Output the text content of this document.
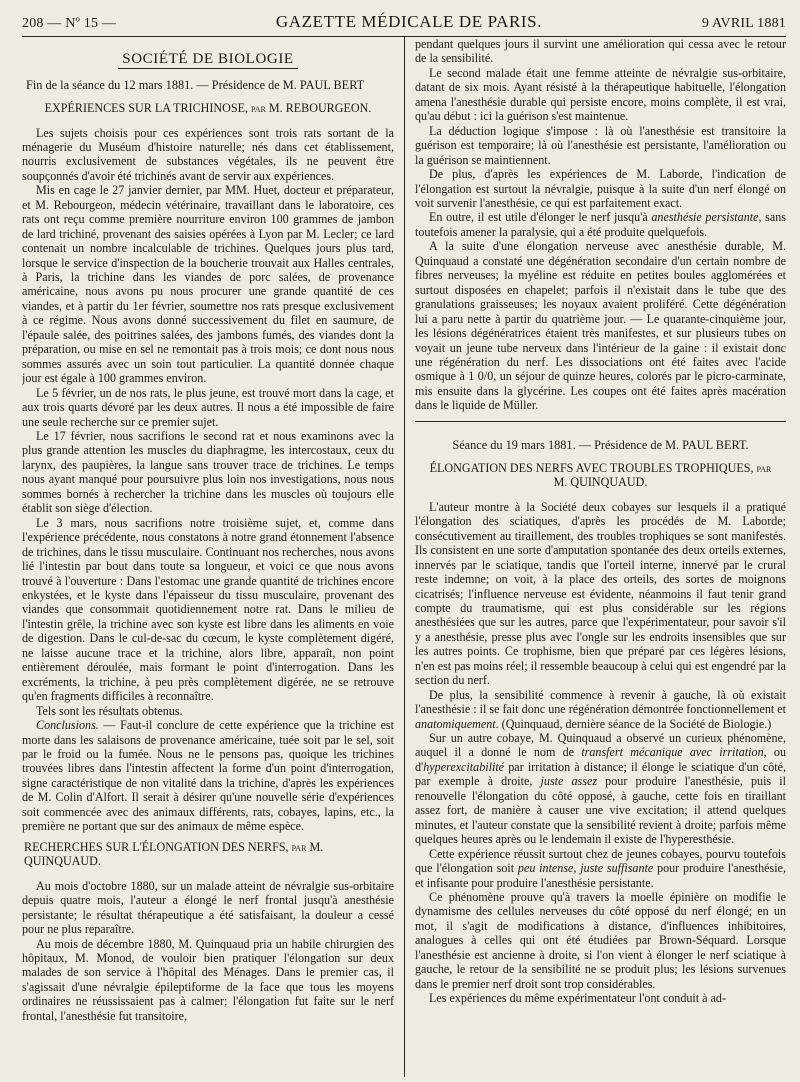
208 — Nº 15 —	GAZETTE MÉDICALE DE PARIS.	9 AVRIL 1881
SOCIÉTÉ DE BIOLOGIE

Fin de la séance du 12 mars 1881. — Présidence de M. PAUL BERT

EXPÉRIENCES SUR LA TRICHINOSE, par M. REBOURGEON.

Les sujets choisis pour ces expériences sont trois rats sortant de la ménagerie du Muséum d'histoire naturelle; nés dans cet établissement, nourris exclusivement de substances végétales, ils ne peuvent être soupçonnés d'avoir été trichinés avant de servir aux expériences.

Mis en cage le 27 janvier dernier, par MM. Huet, docteur et préparateur, et M. Rebourgeon, médecin vétérinaire, travaillant dans le laboratoire, ces rats ont reçu comme première nourriture environ 100 grammes de jambon de lard trichiné, provenant des saisies opérées à Lyon par M. Lecler; ce lard contenait un nombre incalculable de trichines. Quelques jours plus tard, lorsque le service d'inspection de la boucherie trouvait aux Halles centrales, à Paris, la trichine dans les viandes de porc salées, de provenance américaine, nous avons pu nous procurer une grande quantité de ces viandes, et à partir du 1er février, soumettre nos rats presque exclusivement à ce régime. Nous avons donné successivement du filet en saumure, de l'épaule salée, des poitrines salées, des jambons fumés, des viandes dont la préparation, ou mise en sel ne remontait pas à trois mois; ce dont nous nous sommes assurés avec un soin tout particulier. La quantité donnée chaque jour est égale à 100 grammes environ.

Le 5 février, un de nos rats, le plus jeune, est trouvé mort dans la cage, et aux trois quarts dévoré par les deux autres. Il nous a été impossible de faire une seule recherche sur ce premier sujet.

Le 17 février, nous sacrifions le second rat et nous examinons avec la plus grande attention les muscles du diaphragme, les intercostaux, ceux du larynx, des paupières, la langue sans trouver trace de trichines. Le temps nous ayant manqué pour poursuivre plus loin nos investigations, nous nous sommes bornés à rechercher la trichine dans les muscles où toujours elle établit son siège d'élection.

Le 3 mars, nous sacrifions notre troisième sujet, et, comme dans l'expérience précédente, nous constatons à notre grand étonnement l'absence de trichines, dans le tissu musculaire. Continuant nos recherches, nous avons lié l'intestin par bout dans toute sa longueur, et voici ce que nous avons trouvé à l'ouverture : Dans l'estomac une grande quantité de trichines encore enkystées, et le kyste dans l'épaisseur du tissu musculaire, provenant des viandes que consommait quotidiennement notre rat. Dans le milieu de l'intestin grêle, la trichine avec son kyste est libre dans les aliments en voie de digestion. Dans le cul-de-sac du cœcum, le kyste complètement digéré, ne laisse aucune trace et la trichine, alors libre, apparaît, non point entièrement déroulée, mais formant le point d'interrogation. Dans les excréments, la trichine, à peu près complètement digérée, ne se retrouve qu'en fragments difficiles à reconnaître.

Tels sont les résultats obtenus.

Conclusions. — Faut-il conclure de cette expérience que la trichine est morte dans les salaisons de provenance américaine, tuée soit par le sel, soit par le froid ou la fumée. Nous ne le pensons pas, quoique les trichines trouvées libres dans l'intestin affectent la forme d'un point d'interrogation, signe caractéristique de non vitalité dans la trichine, d'après les expériences de M. Colin d'Alfort. Il serait à désirer qu'une nouvelle série d'expériences soit commencée avec des animaux différents, rats, cobayes, lapins, etc., la première ne portant que sur des animaux de même espèce.

RECHERCHES SUR L'ÉLONGATION DES NERFS, par M. QUINQUAUD.

Au mois d'octobre 1880, sur un malade atteint de névralgie sus-orbitaire depuis quatre mois, l'auteur a élongé le nerf frontal jusqu'à anesthésie persistante; le résultat thérapeutique a été satisfaisant, la douleur a cessé pour ne plus reparaître.

Au mois de décembre 1880, M. Quinquaud pria un habile chirurgien des hôpitaux, M. Monod, de vouloir bien pratiquer l'élongation sur deux malades de son service à l'hôpital des Ménages. Dans le premier cas, il s'agissait d'une névralgie épileptiforme de la face que tous les moyens ordinaires ne réussissaient pas à calmer; l'élongation fut faite sur le nerf frontal, l'anesthésie fut transitoire,

pendant quelques jours il survint une amélioration qui cessa avec le retour de la sensibilité.

Le second malade était une femme atteinte de névralgie sus-orbitaire, datant de six mois. Ayant résisté à la thérapeutique habituelle, l'élongation amena l'anesthésie durable qui persiste encore, moins complète, il est vrai, qu'au début : ici la guérison s'est maintenue.

La déduction logique s'impose : là où l'anesthésie est transitoire la guérison est temporaire; là où l'anesthésie est persistante, l'amélioration ou la guérison se maintiennent.

De plus, d'après les expériences de M. Laborde, l'indication de l'élongation est surtout la névralgie, puisque à la suite d'un nerf élongé on voit survenir l'anesthésie, ce qui est parfaitement exact.

En outre, il est utile d'élonger le nerf jusqu'à anesthésie persistante, sans toutefois amener la paralysie, qui a été produite quelquefois.

A la suite d'une élongation nerveuse avec anesthésie durable, M. Quinquaud a constaté une dégénération secondaire d'un certain nombre de fibres nerveuses; la myéline est réduite en petites boules agglomérées et surtout disposées en chapelet; parfois il n'existait dans le tube que des granulations graisseuses; les noyaux avaient proliféré. Cette dégénération lui a paru nette à partir du quatrième jour. — Le quarante-cinquième jour, les lésions dégénératrices étaient très manifestes, et sur plusieurs tubes on voyait un jeune tube nerveux dans l'intérieur de la gaine : il existait donc une régénération du nerf. Les dissociations ont été faites avec l'acide osmique à 1 0/0, un séjour de quinze heures, colorés par le picro-carminate, mis ensuite dans la glycérine. Les coupes ont été faites après macération dans le liquide de Müller.

Séance du 19 mars 1881. — Présidence de M. PAUL BERT.

ÉLONGATION DES NERFS AVEC TROUBLES TROPHIQUES, par
M. QUINQUAUD.

L'auteur montre à la Société deux cobayes sur lesquels il a pratiqué l'élongation des sciatiques, d'après les procédés de M. Laborde; consécutivement au tiraillement, des troubles trophiques se sont manifestés. Ils consistent en une sorte d'amputation spontanée des deux orteils externes, innervés par le sciatique, tandis que l'orteil interne, innervé par le crural reste indemne; on voit, à la place des orteils, des sortes de moignons cicatrisés; l'influence nerveuse est évidente, néanmoins il faut tenir grand compte du traumatisme, qui est plus considérable sur les régions anesthésiées que sur les autres, parce que l'expérimentateur, pour savoir s'il y a anesthésie, presse plus avec l'ongle sur les endroits insensibles que sur les autres points. Ce trophisme, bien que préparé par ces légères lésions, n'en est pas moins réel; il ressemble beaucoup à celui qui est engendré par la section du nerf.

De plus, la sensibilité commence à revenir à gauche, là où existait l'anesthésie : il se fait donc une régénération démontrée fonctionnellement et anatomiquement. (Quinquaud, dernière séance de la Société de Biologie.)

Sur un autre cobaye, M. Quinquaud a observé un curieux phénomène, auquel il a donné le nom de transfert mécanique avec irritation, ou d'hyperexcitabilité par irritation à distance; il élonge le sciatique d'un côté, par exemple à droite, juste assez pour produire l'anesthésie, puis il renouvelle l'élongation du côté opposé, à gauche, cette fois en tiraillant assez fort, de manière à causer une vive excitation; il attend quelques minutes, et l'auteur constate que la sensibilité revient à droite; parfois même quelques heures après ou le lendemain il existe de l'hyperesthésie.

Cette expérience réussit surtout chez de jeunes cobayes, pourvu toutefois que l'élongation soit peu intense, juste suffisante pour produire l'anesthésie, et infisante pour produire l'anesthésie persistante.

Ce phénomène prouve qu'à travers la moelle épinière on modifie le dynamisme des cellules nerveuses du côté opposé du nerf élongé; en un mot, il s'agit de modifications à distance, d'influences inhibitoires, analogues à celles qui ont été étudiées par Brown-Séquard. Lorsque l'anesthésie est ancienne à droite, si l'on vient à élonger le nerf sciatique à gauche, le retour de la sensibilité ne se produit plus; les lésions survenues dans le premier nerf droit sont trop considérables.

Les expériences du même expérimentateur l'ont conduit à ad-
